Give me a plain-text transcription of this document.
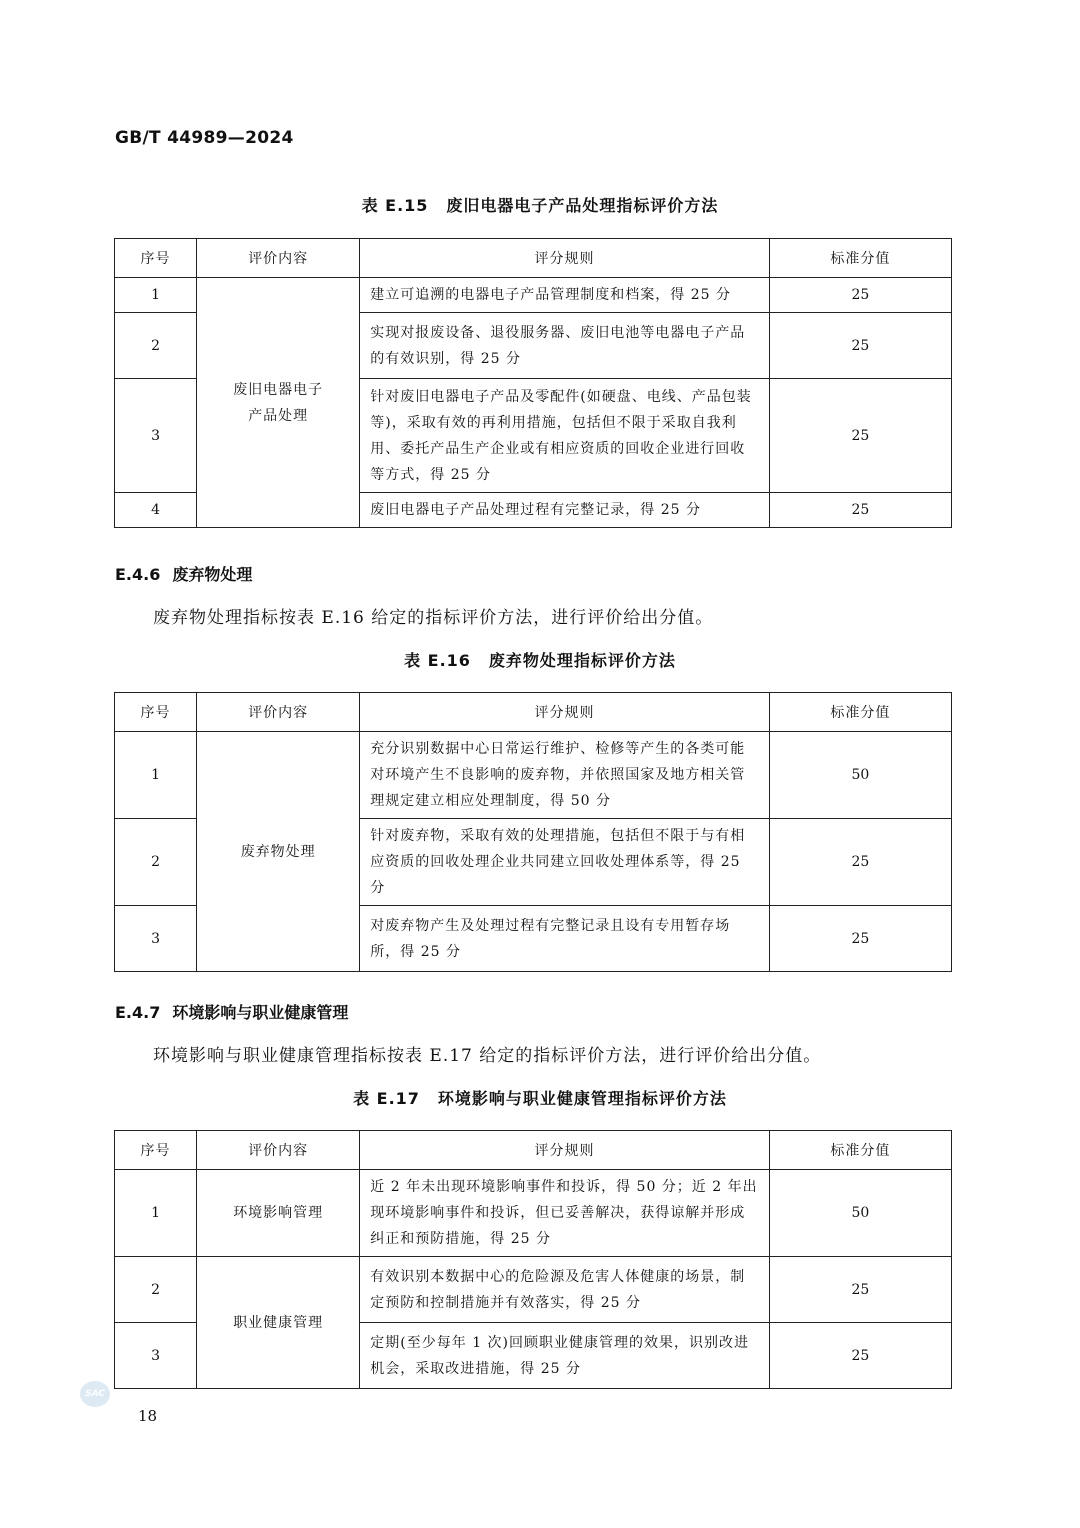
GB/T 44989—2024
表 E.15 废旧电器电子产品处理指标评价方法
序号	评价内容	评分规则	标准分值
1	废旧电器电子产品处理	建立可追溯的电器电子产品管理制度和档案，得 25 分	25
2		实现对报废设备、退役服务器、废旧电池等电器电子产品的有效识别，得 25 分	25
3		针对废旧电器电子产品及零配件(如硬盘、电线、产品包装等)，采取有效的再利用措施，包括但不限于采取自我利用、委托产品生产企业或有相应资质的回收企业进行回收等方式，得 25 分	25
4		废旧电器电子产品处理过程有完整记录，得 25 分	25
E.4.6 废弃物处理
废弃物处理指标按表 E.16 给定的指标评价方法，进行评价给出分值。
表 E.16 废弃物处理指标评价方法
序号	评价内容	评分规则	标准分值
1	废弃物处理	充分识别数据中心日常运行维护、检修等产生的各类可能对环境产生不良影响的废弃物，并依照国家及地方相关管理规定建立相应处理制度，得 50 分	50
2		针对废弃物，采取有效的处理措施，包括但不限于与有相应资质的回收处理企业共同建立回收处理体系等，得 25 分	25
3		对废弃物产生及处理过程有完整记录且设有专用暂存场所，得 25 分	25
E.4.7 环境影响与职业健康管理
环境影响与职业健康管理指标按表 E.17 给定的指标评价方法，进行评价给出分值。
表 E.17 环境影响与职业健康管理指标评价方法
序号	评价内容	评分规则	标准分值
1	环境影响管理	近 2 年未出现环境影响事件和投诉，得 50 分；近 2 年出现环境影响事件和投诉，但已妥善解决，获得谅解并形成纠正和预防措施，得 25 分	50
2	职业健康管理	有效识别本数据中心的危险源及危害人体健康的场景，制定预防和控制措施并有效落实，得 25 分	25
3		定期(至少每年 1 次)回顾职业健康管理的效果，识别改进机会，采取改进措施，得 25 分	25
SAC
18
